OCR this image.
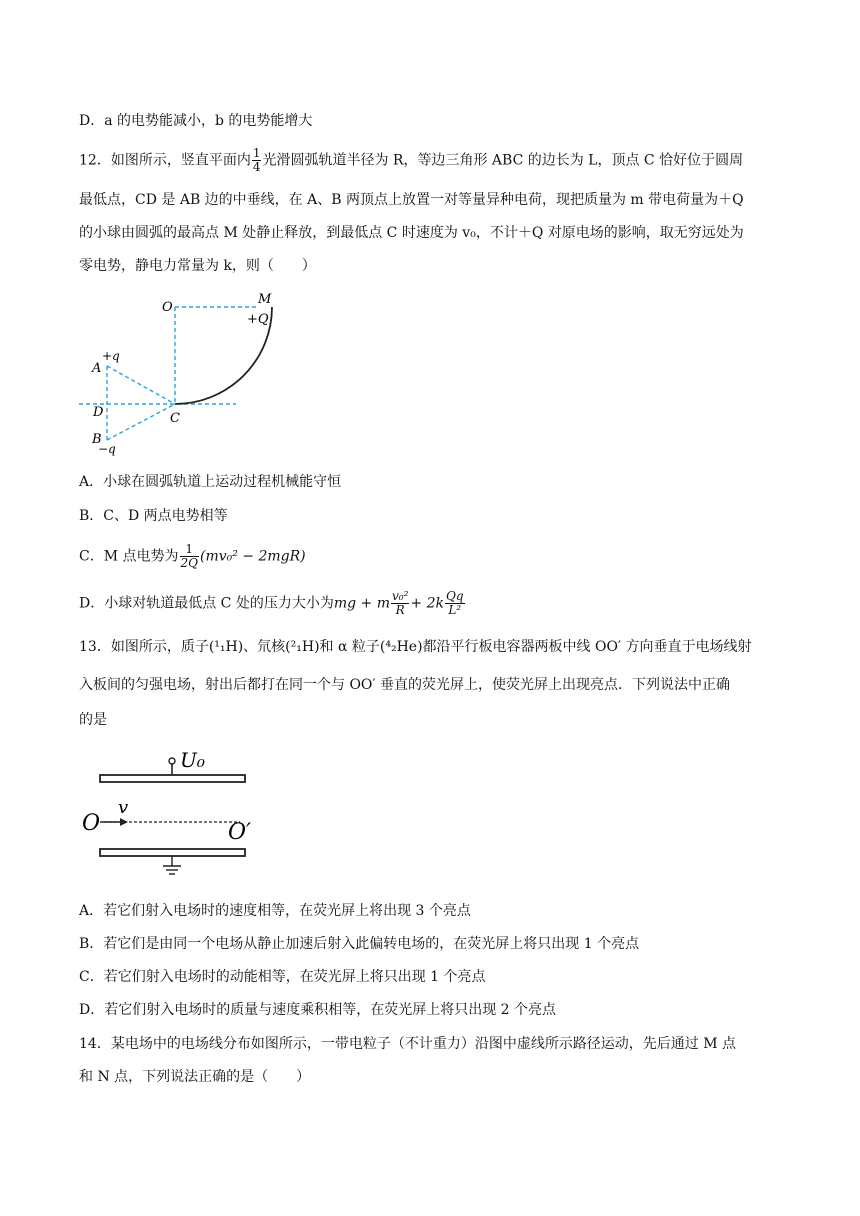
D．a 的电势能减小，b 的电势能增大
12．如图所示，竖直平面内 $\frac{1}{4}$ 光滑圆弧轨道半径为 R，等边三角形 ABC 的边长为 L，顶点 C 恰好位于圆周
最低点，CD 是 AB 边的中垂线，在 A、B 两顶点上放置一对等量异种电荷，现把质量为 m 带电荷量为＋Q
的小球由圆弧的最高点 M 处静止释放，到最低点 C 时速度为 v₀，不计＋Q 对原电场的影响，取无穷远处为
零电势，静电力常量为 k，则（　　）
O
M
+Q
+q
A
D	C
B
−q
A．小球在圆弧轨道上运动过程机械能守恒
B．C、D 两点电势相等
C．M 点电势为 $\frac{1}{2Q} (mv_0^2 - 2mgR)$
D．小球对轨道最低点 C 处的压力大小为mg + m $\frac{\text{v₀²}}{R} + 2k \frac{Qq}{\text{L²}}$
13．如图所示，质子(¹₁H)、氘核(²₁H)和 α 粒子(⁴₂He)都沿平行板电容器两板中线 OO′ 方向垂直于电场线射
入板间的匀强电场，射出后都打在同一个与 OO′ 垂直的荧光屏上，使荧光屏上出现亮点．下列说法中正确
的是
U₀
v
O	O′
A．若它们射入电场时的速度相等，在荧光屏上将出现 3 个亮点
B．若它们是由同一个电场从静止加速后射入此偏转电场的，在荧光屏上将只出现 1 个亮点
C．若它们射入电场时的动能相等，在荧光屏上将只出现 1 个亮点
D．若它们射入电场时的质量与速度乘积相等，在荧光屏上将只出现 2 个亮点
14．某电场中的电场线分布如图所示，一带电粒子（不计重力）沿图中虚线所示路径运动，先后通过 M 点
和 N 点，下列说法正确的是（　　）
